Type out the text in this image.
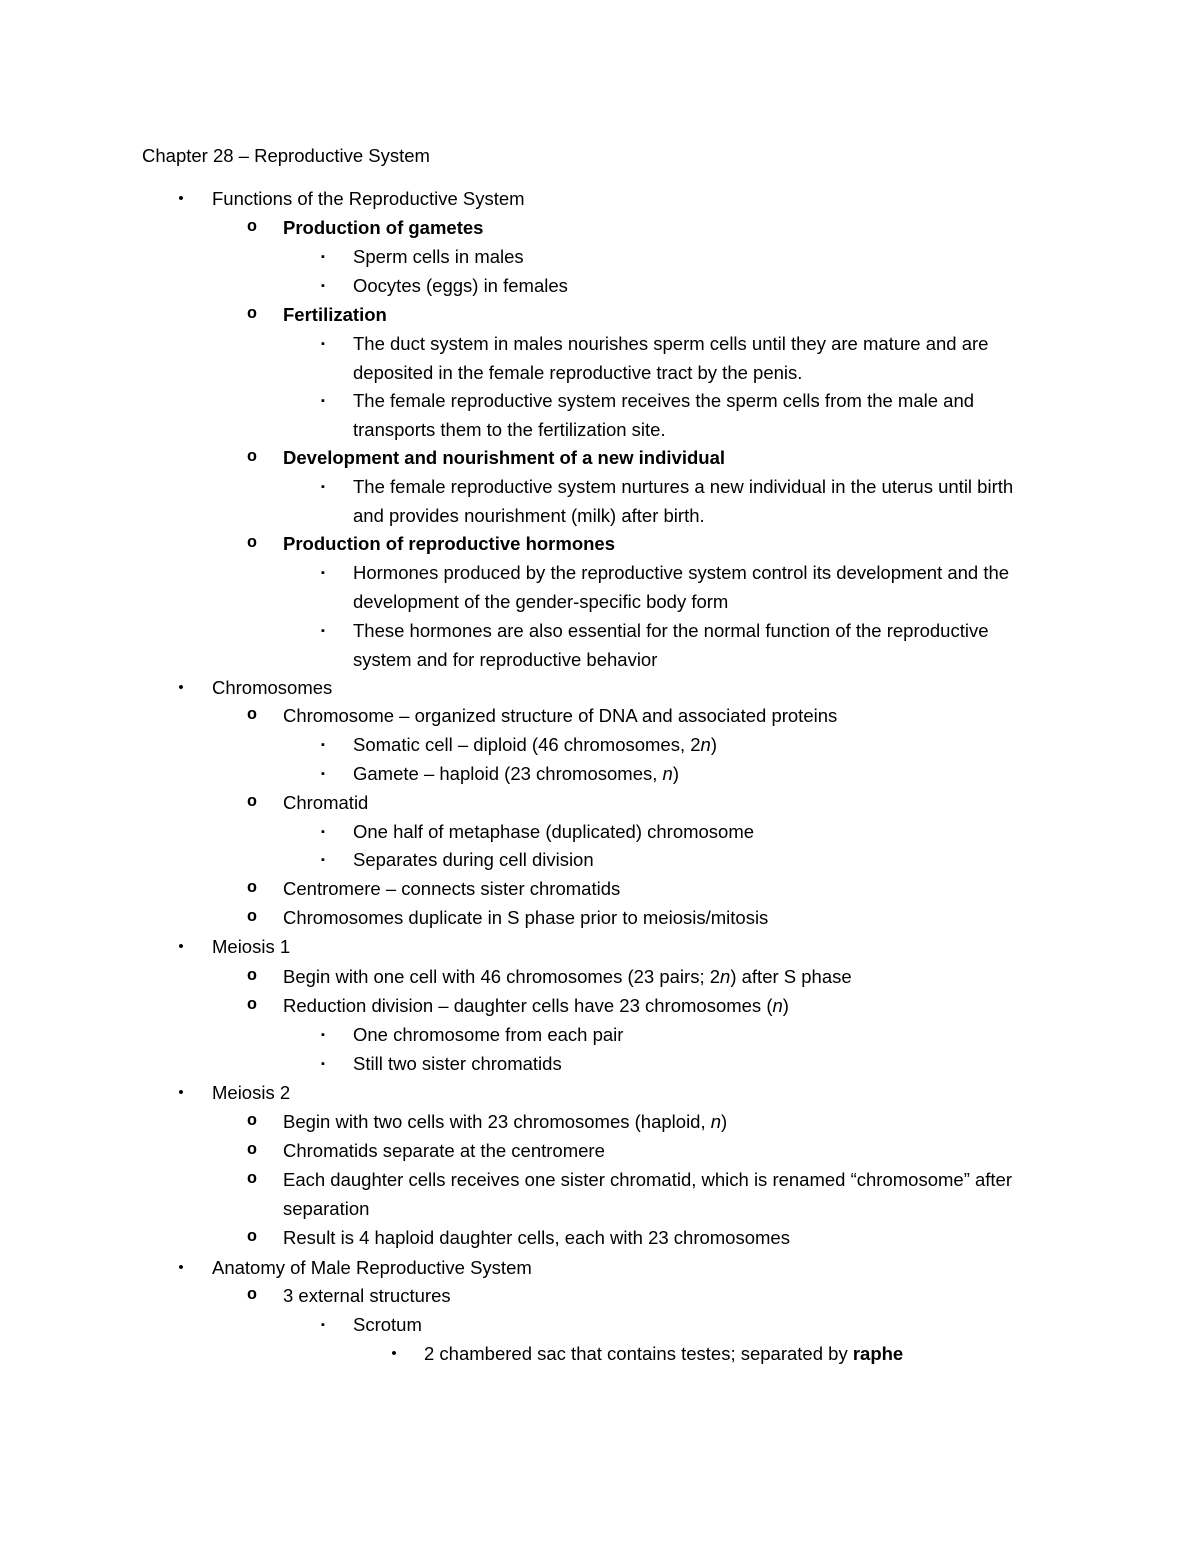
Chapter 28 – Reproductive System
•	Functions of the Reproductive System
o Production of gametes
▪	Sperm cells in males
▪	Oocytes (eggs) in females
o Fertilization
▪	The duct system in males nourishes sperm cells until they are mature and are deposited in the female reproductive tract by the penis.
▪	The female reproductive system receives the sperm cells from the male and transports them to the fertilization site.
o Development and nourishment of a new individual
▪	The female reproductive system nurtures a new individual in the uterus until birth and provides nourishment (milk) after birth.
o Production of reproductive hormones
▪	Hormones produced by the reproductive system control its development and the development of the gender-specific body form
▪	These hormones are also essential for the normal function of the reproductive system and for reproductive behavior
•	Chromosomes
o Chromosome – organized structure of DNA and associated proteins
▪	Somatic cell – diploid (46 chromosomes, 2n)
▪	Gamete – haploid (23 chromosomes, n)
o Chromatid
▪	One half of metaphase (duplicated) chromosome
▪	Separates during cell division
o Centromere – connects sister chromatids
o Chromosomes duplicate in S phase prior to meiosis/mitosis
•	Meiosis 1
o Begin with one cell with 46 chromosomes (23 pairs; 2n) after S phase
o Reduction division – daughter cells have 23 chromosomes (n)
▪	One chromosome from each pair
▪	Still two sister chromatids
•	Meiosis 2
o Begin with two cells with 23 chromosomes (haploid, n)
o Chromatids separate at the centromere
o Each daughter cells receives one sister chromatid, which is renamed “chromosome” after separation
o Result is 4 haploid daughter cells, each with 23 chromosomes
•	Anatomy of Male Reproductive System
o 3 external structures
▪	Scrotum
•	2 chambered sac that contains testes; separated by raphe
